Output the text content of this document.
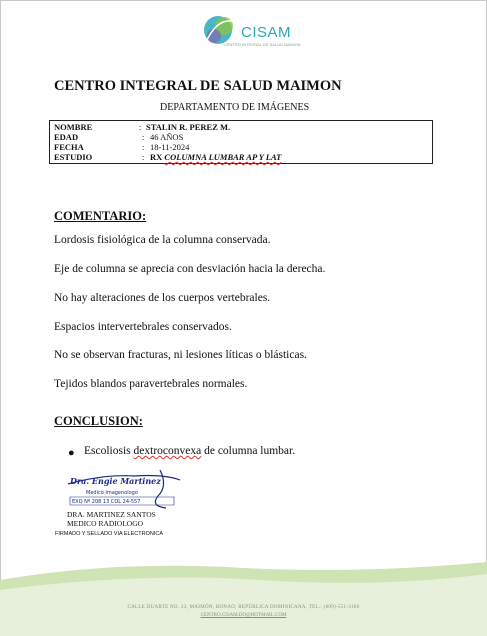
CISAM
CENTRO INTEGRAL DE SALUD MAIMON
CENTRO INTEGRAL DE SALUD MAIMON
DEPARTAMENTO DE IMÁGENES
NOMBRE	: STALIN R. PEREZ M.
EDAD	: 46 AÑOS
FECHA	: 18-11-2024
ESTUDIO	: RX COLUMNA LUMBAR AP Y LAT
COMENTARIO:
Lordosis fisiológica de la columna conservada.
Eje de columna se aprecia con desviación hacia la derecha.
No hay alteraciones de los cuerpos vertebrales.
Espacios intervertebrales conservados.
No se observan fracturas, ni lesiones líticas o blásticas.
Tejidos blandos paravertebrales normales.
CONCLUSION:
● Escoliosis dextroconvexa de columna lumbar.
Dra. Engie Martinez
Medico Imagenologo
EXQ Nº 208 13 COL 24-557
DRA. MARTINEZ SANTOS
MEDICO RADIOLOGO
FIRMADO Y SELLADO VIA ELECTRONICA
CALLE DUARTE NO. 33, MAIMÓN, BONAO, REPÚBLICA DOMINICANA, TEL.: (809)-551-3186
CENTRO.CISAM.DO@HOTMAIL.COM
